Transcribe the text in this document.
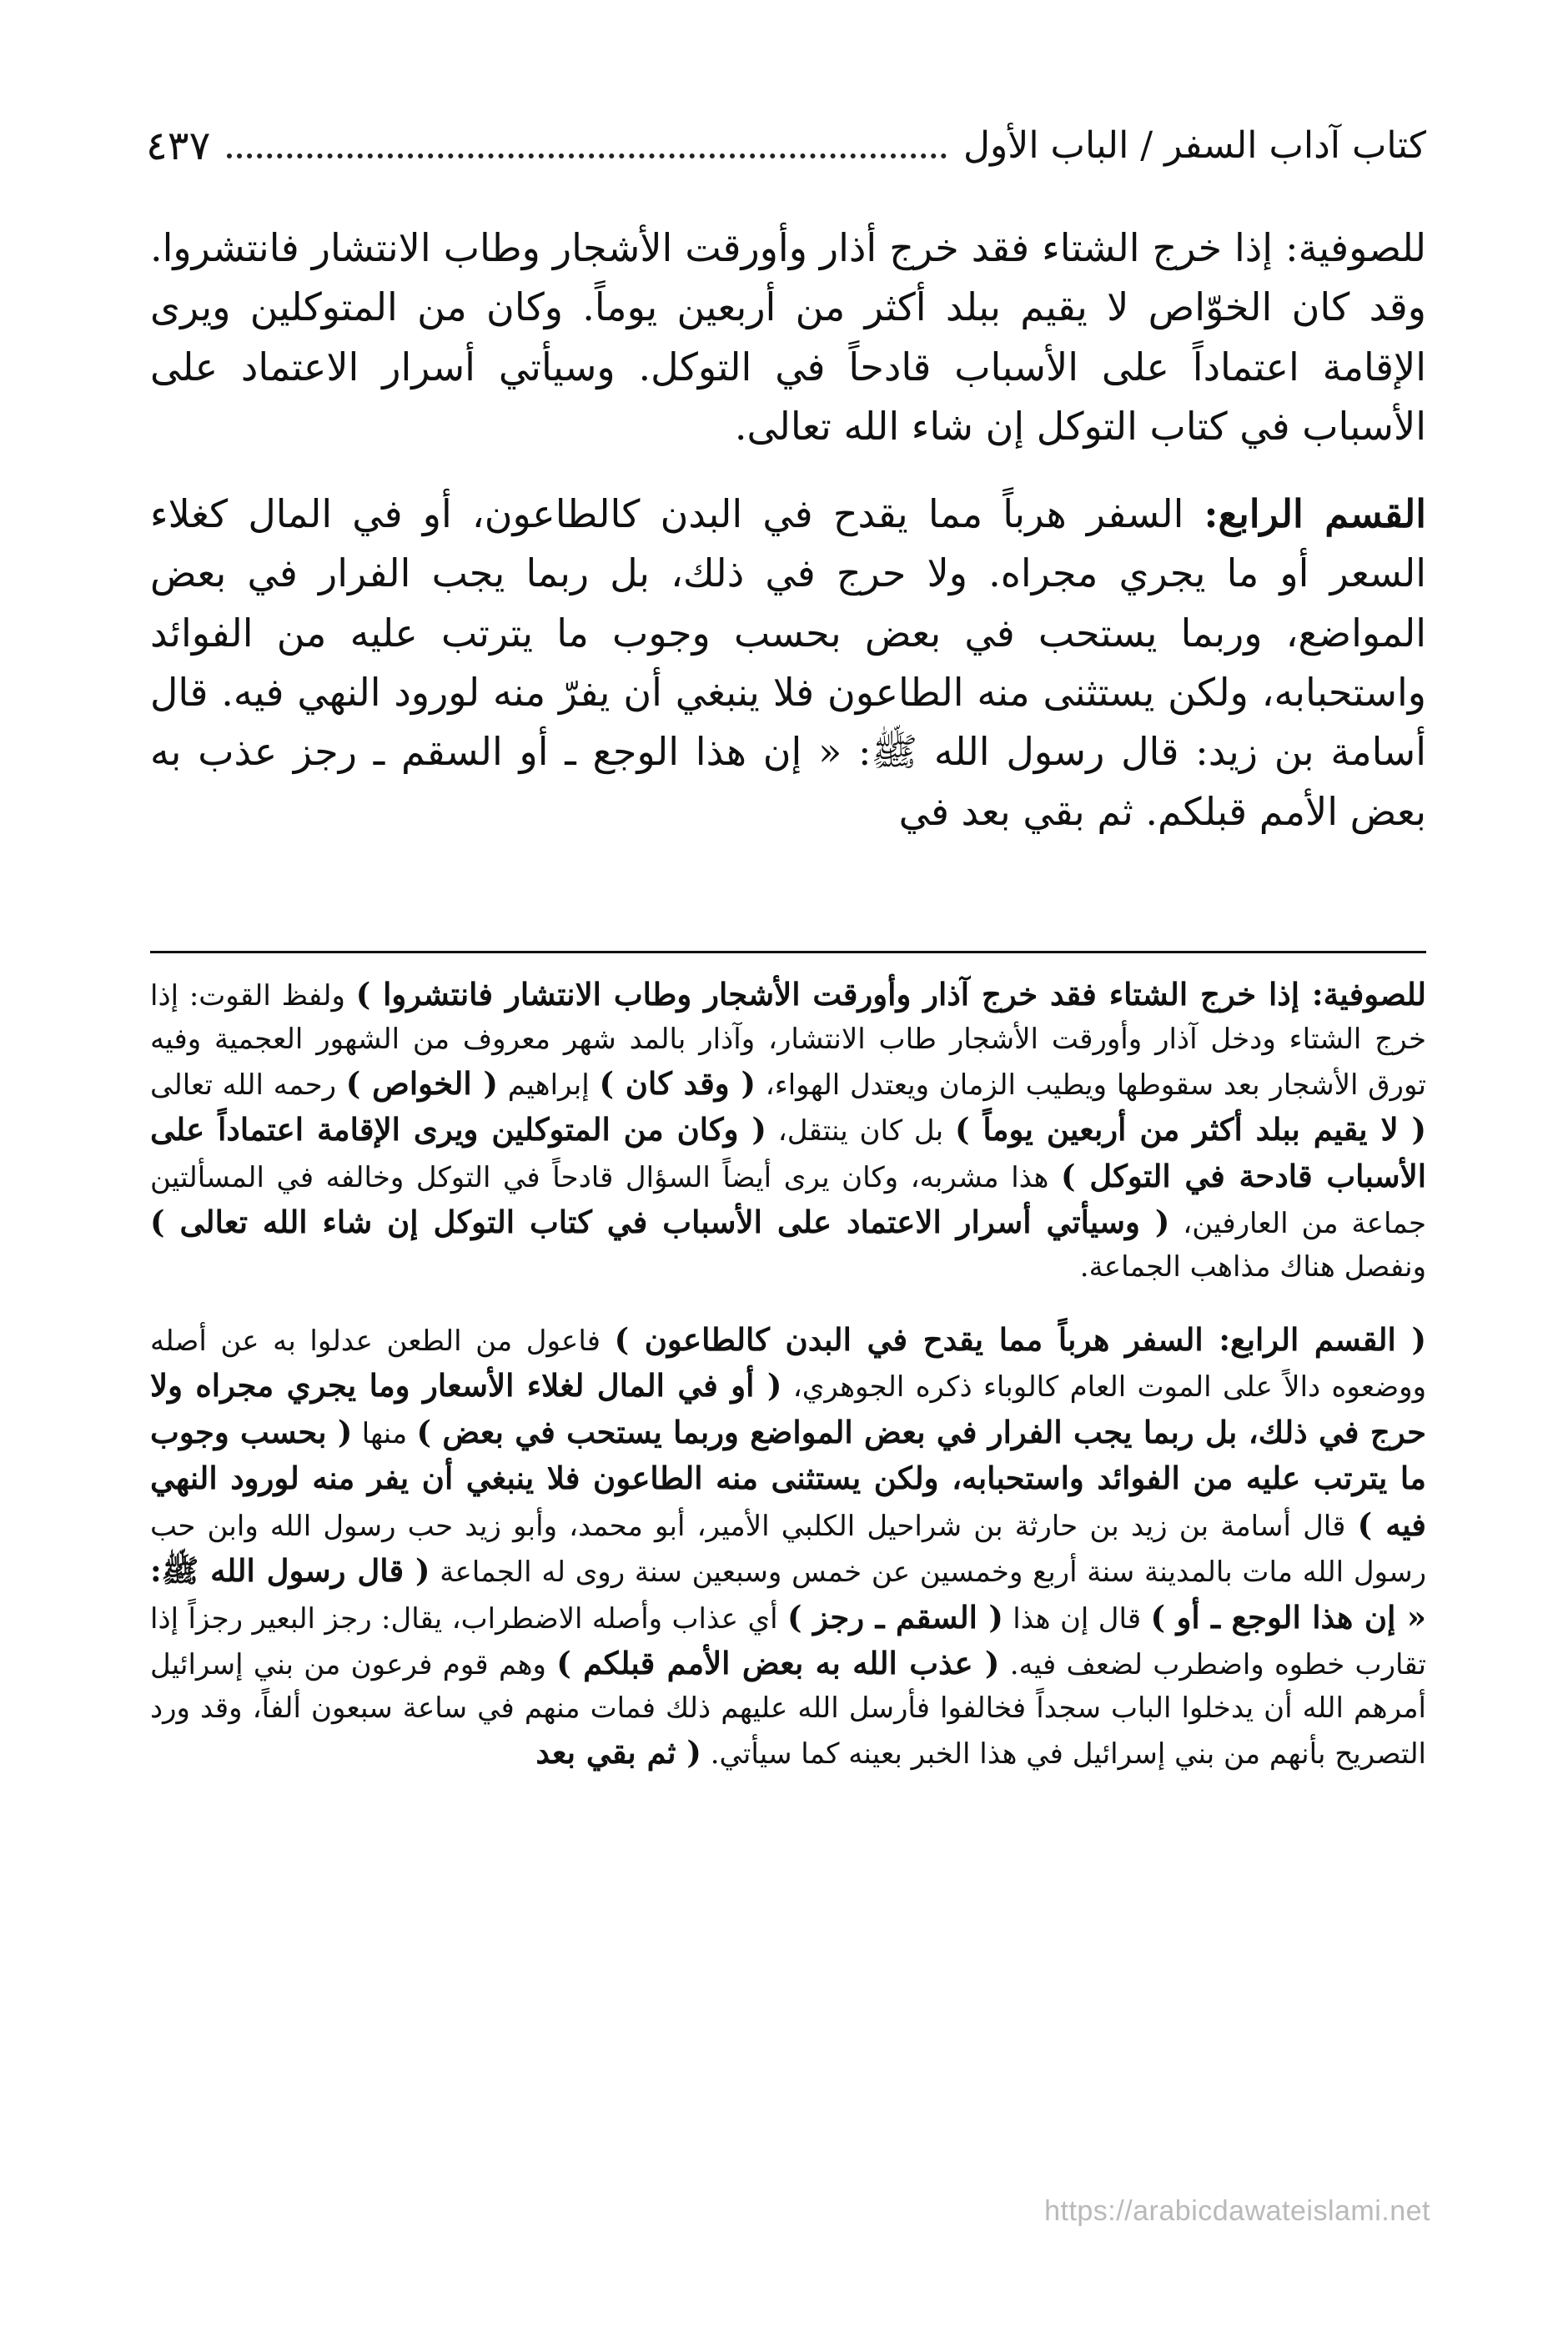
كتاب آداب السفر / الباب الأول
٤٣٧

للصوفية: إذا خرج الشتاء فقد خرج أذار وأورقت الأشجار وطاب الانتشار فانتشروا. وقد كان الخوّاص لا يقيم ببلد أكثر من أربعين يوماً. وكان من المتوكلين ويرى الإقامة اعتماداً على الأسباب قادحاً في التوكل. وسيأتي أسرار الاعتماد على الأسباب في كتاب التوكل إن شاء الله تعالى.

القسم الرابع: السفر هرباً مما يقدح في البدن كالطاعون، أو في المال كغلاء السعر أو ما يجري مجراه. ولا حرج في ذلك، بل ربما يجب الفرار في بعض المواضع، وربما يستحب في بعض بحسب وجوب ما يترتب عليه من الفوائد واستحبابه، ولكن يستثنى منه الطاعون فلا ينبغي أن يفرّ منه لورود النهي فيه. قال أسامة بن زيد: قال رسول الله ﷺ: « إن هذا الوجع ـ أو السقم ـ رجز عذب به بعض الأمم قبلكم. ثم بقي بعد في

للصوفية: إذا خرج الشتاء فقد خرج آذار وأورقت الأشجار وطاب الانتشار فانتشروا ) ولفظ القوت: إذا خرج الشتاء ودخل آذار وأورقت الأشجار طاب الانتشار، وآذار بالمد شهر معروف من الشهور العجمية وفيه تورق الأشجار بعد سقوطها ويطيب الزمان ويعتدل الهواء، ( وقد كان ) إبراهيم ( الخواص ) رحمه الله تعالى ( لا يقيم ببلد أكثر من أربعين يوماً ) بل كان ينتقل، ( وكان من المتوكلين ويرى الإقامة اعتماداً على الأسباب قادحة في التوكل ) هذا مشربه، وكان يرى أيضاً السؤال قادحاً في التوكل وخالفه في المسألتين جماعة من العارفين، ( وسيأتي أسرار الاعتماد على الأسباب في كتاب التوكل إن شاء الله تعالى ) ونفصل هناك مذاهب الجماعة.

( القسم الرابع: السفر هرباً مما يقدح في البدن كالطاعون ) فاعول من الطعن عدلوا به عن أصله ووضعوه دالاً على الموت العام كالوباء ذكره الجوهري، ( أو في المال لغلاء الأسعار وما يجري مجراه ولا حرج في ذلك، بل ربما يجب الفرار في بعض المواضع وربما يستحب في بعض ) منها ( بحسب وجوب ما يترتب عليه من الفوائد واستحبابه، ولكن يستثنى منه الطاعون فلا ينبغي أن يفر منه لورود النهي فيه ) قال أسامة بن زيد بن حارثة بن شراحيل الكلبي الأمير، أبو محمد، وأبو زيد حب رسول الله وابن حب رسول الله مات بالمدينة سنة أربع وخمسين عن خمس وسبعين سنة روى له الجماعة ( قال رسول الله ﷺ: « إن هذا الوجع ـ أو ) قال إن هذا ( السقم ـ رجز ) أي عذاب وأصله الاضطراب، يقال: رجز البعير رجزاً إذا تقارب خطوه واضطرب لضعف فيه. ( عذب الله به بعض الأمم قبلكم ) وهم قوم فرعون من بني إسرائيل أمرهم الله أن يدخلوا الباب سجداً فخالفوا فأرسل الله عليهم ذلك فمات منهم في ساعة سبعون ألفاً، وقد ورد التصريح بأنهم من بني إسرائيل في هذا الخبر بعينه كما سيأتي. ( ثم بقي بعد

https://arabicdawateislami.net
